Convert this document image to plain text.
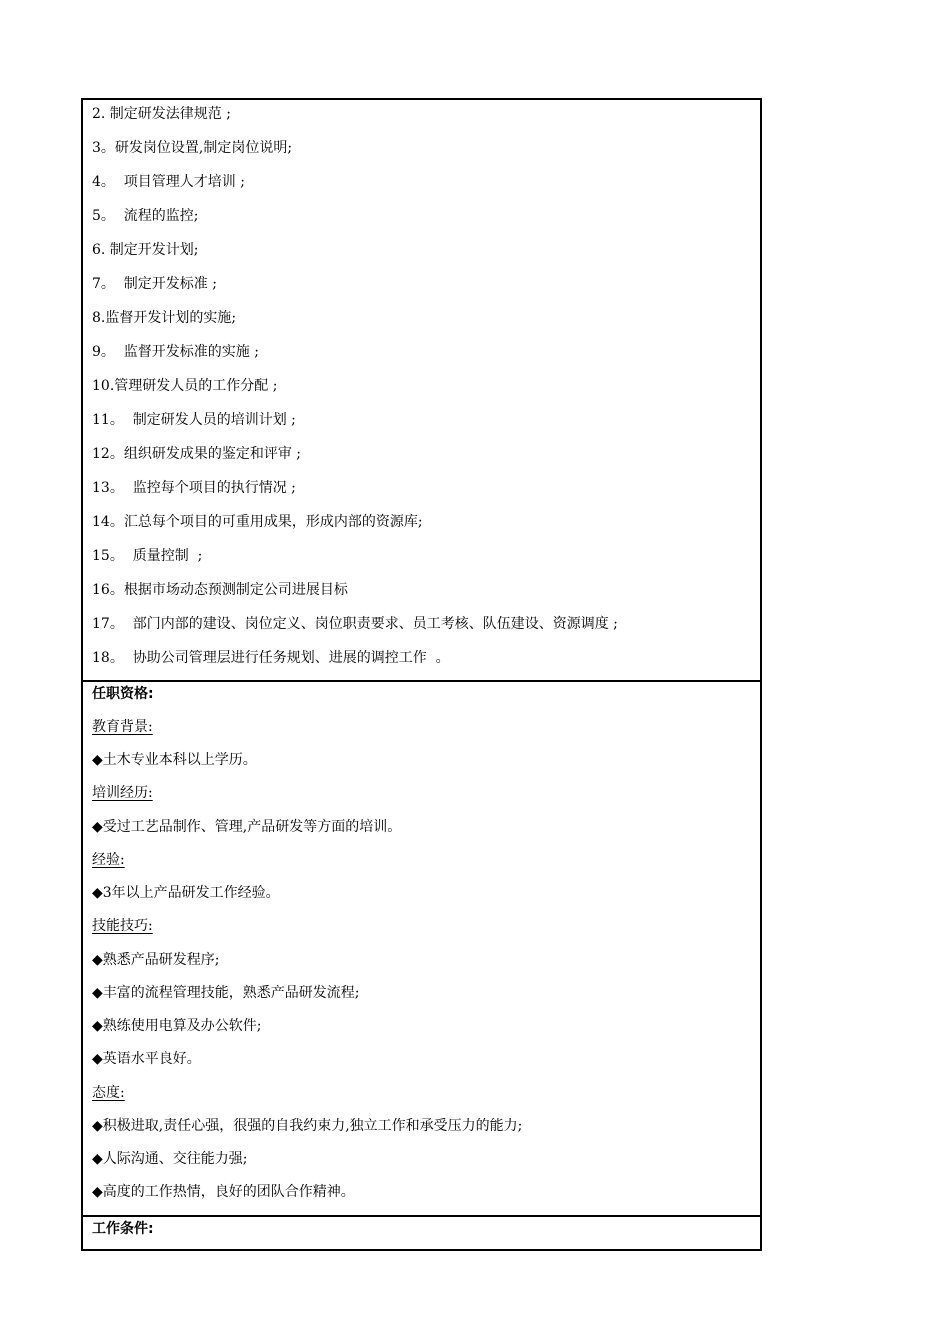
2. 制定研发法律规范 ;
3。研发岗位设置,制定岗位说明;
4。  项目管理人才培训 ;
5。  流程的监控;
6. 制定开发计划;
7。  制定开发标准 ;
8.监督开发计划的实施;
9。  监督开发标准的实施 ;
10.管理研发人员的工作分配 ;
11。  制定研发人员的培训计划 ;
12。组织研发成果的鉴定和评审 ;
13。  监控每个项目的执行情况 ;
14。汇总每个项目的可重用成果，形成内部的资源库;
15。  质量控制  ;
16。根据市场动态预测制定公司进展目标
17。  部门内部的建设、岗位定义、岗位职责要求、员工考核、队伍建设、资源调度 ;
18。  协助公司管理层进行任务规划、进展的调控工作  。
任职资格:
教育背景:
◆土木专业本科以上学历。
培训经历:
◆受过工艺品制作、管理,产品研发等方面的培训。
经验:
◆3年以上产品研发工作经验。
技能技巧:
◆熟悉产品研发程序;
◆丰富的流程管理技能，熟悉产品研发流程;
◆熟练使用电算及办公软件;
◆英语水平良好。
态度:
◆积极进取,责任心强，很强的自我约束力,独立工作和承受压力的能力;
◆人际沟通、交往能力强;
◆高度的工作热情，良好的团队合作精神。
工作条件:
